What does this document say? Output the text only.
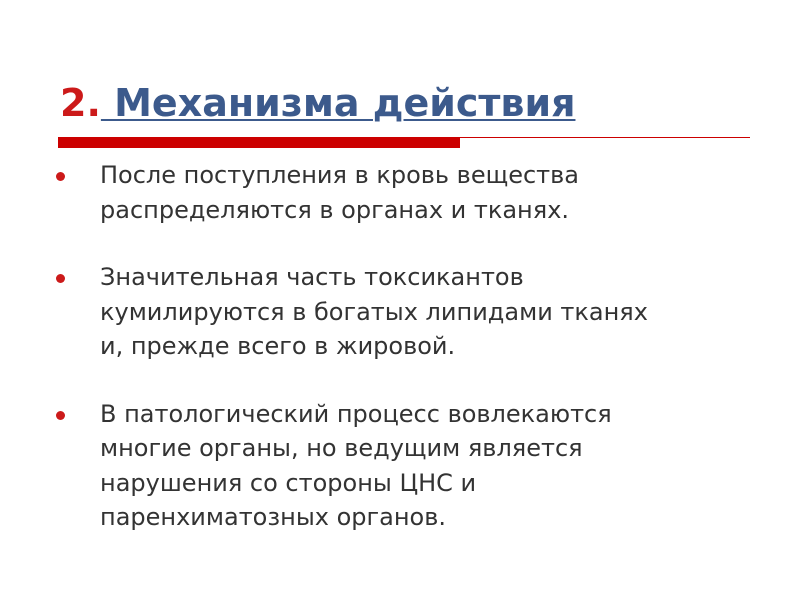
2. Механизма действия
После поступления в кровь вещества
распределяются в органах и тканях.
Значительная часть токсикантов
кумилируются в богатых липидами тканях
и, прежде всего в жировой.
В патологический процесс вовлекаются
многие органы, но ведущим является
нарушения со стороны ЦНС и
паренхиматозных органов.
